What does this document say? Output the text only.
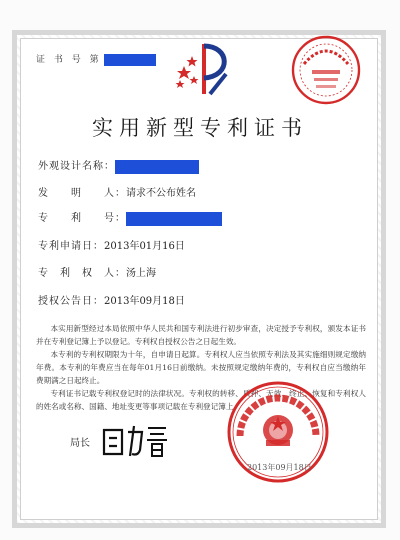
证 书 号 第
实用新型专利证书
外观设计名称：
发　　明　　人：请求不公布姓名
专　　利　　号：
专利申请日：2013年01月16日
专　利　权　人：汤上海
授权公告日：2013年09月18日

本实用新型经过本局依照中华人民共和国专利法进行初步审查，决定授予专利权，颁发本证书并在专利登记簿上予以登记。专利权自授权公告之日起生效。

本专利的专利权期限为十年，自申请日起算。专利权人应当依照专利法及其实施细则规定缴纳年费。本专利的年费应当在每年01月16日前缴纳。未按照规定缴纳年费的，专利权自应当缴纳年费期满之日起终止。

专利证书记载专利权登记时的法律状况。专利权的转移、质押、无效、终止、恢复和专利权人的姓名或名称、国籍、地址变更等事项记载在专利登记簿上。

2013年09月18日
局长
